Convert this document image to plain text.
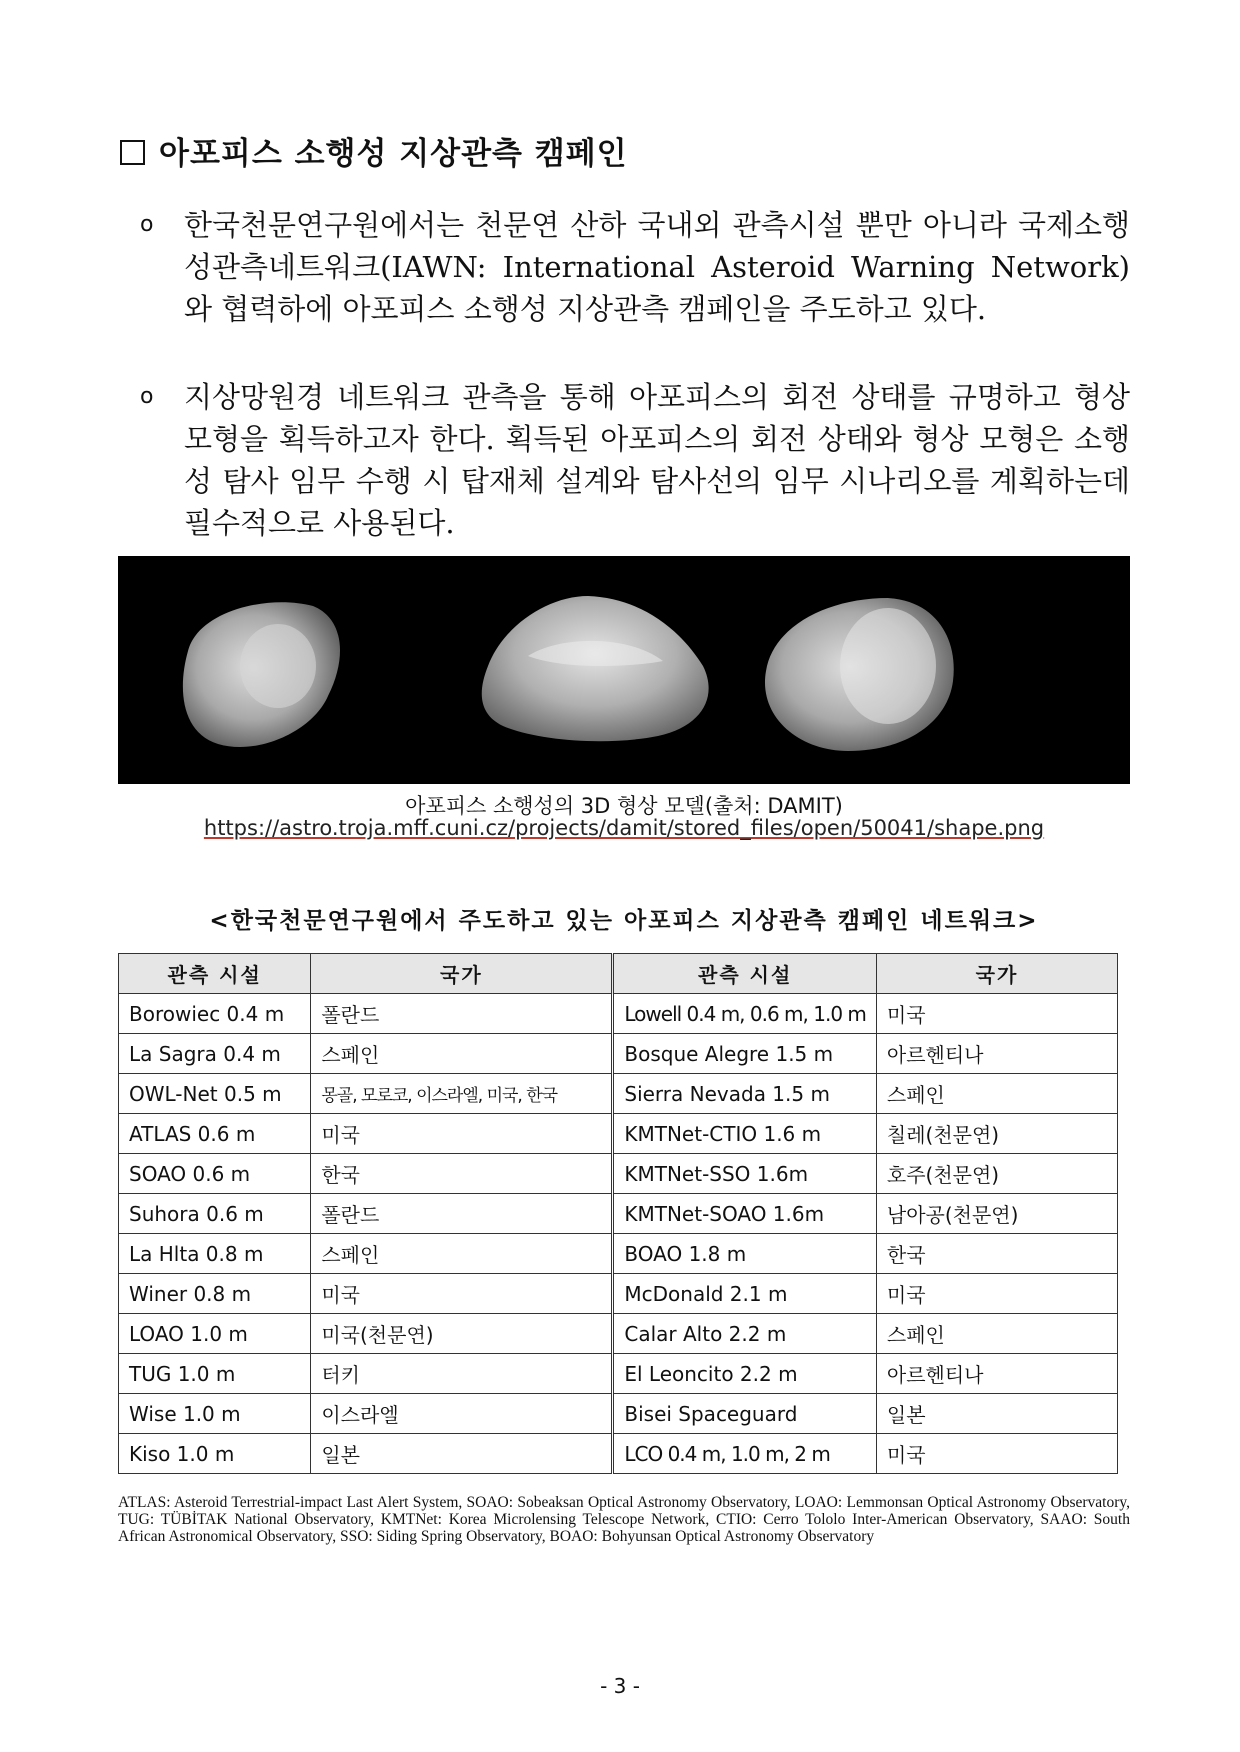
아포피스 소행성 지상관측 캠페인
o 한국천문연구원에서는 천문연 산하 국내외 관측시설 뿐만 아니라 국제소행성관측네트워크(IAWN: International Asteroid Warning Network)와 협력하에 아포피스 소행성 지상관측 캠페인을 주도하고 있다.
o 지상망원경 네트워크 관측을 통해 아포피스의 회전 상태를 규명하고 형상 모형을 획득하고자 한다. 획득된 아포피스의 회전 상태와 형상 모형은 소행성 탐사 임무 수행 시 탑재체 설계와 탐사선의 임무 시나리오를 계획하는데 필수적으로 사용된다.
아포피스 소행성의 3D 형상 모델(출처: DAMIT)
https://astro.troja.mff.cuni.cz/projects/damit/stored_files/open/50041/shape.png
<한국천문연구원에서 주도하고 있는 아포피스 지상관측 캠페인 네트워크>
관측 시설	국가	관측 시설	국가
Borowiec 0.4 m	폴란드	Lowell 0.4 m, 0.6 m, 1.0 m	미국
La Sagra 0.4 m	스페인	Bosque Alegre 1.5 m	아르헨티나
OWL-Net 0.5 m	몽골, 모로코, 이스라엘, 미국, 한국	Sierra Nevada 1.5 m	스페인
ATLAS 0.6 m	미국	KMTNet-CTIO 1.6 m	칠레(천문연)
SOAO 0.6 m	한국	KMTNet-SSO 1.6m	호주(천문연)
Suhora 0.6 m	폴란드	KMTNet-SOAO 1.6m	남아공(천문연)
La Hlta 0.8 m	스페인	BOAO 1.8 m	한국
Winer 0.8 m	미국	McDonald 2.1 m	미국
LOAO 1.0 m	미국(천문연)	Calar Alto 2.2 m	스페인
TUG 1.0 m	터키	El Leoncito 2.2 m	아르헨티나
Wise 1.0 m	이스라엘	Bisei Spaceguard	일본
Kiso 1.0 m	일본	LCO 0.4 m, 1.0 m, 2 m	미국
ATLAS: Asteroid Terrestrial-impact Last Alert System, SOAO: Sobeaksan Optical Astronomy Observatory, LOAO: Lemmonsan Optical Astronomy Observatory, TUG: TÜBİTAK National Observatory, KMTNet: Korea Microlensing Telescope Network, CTIO: Cerro Tololo Inter-American Observatory, SAAO: South African Astronomical Observatory, SSO: Siding Spring Observatory, BOAO: Bohyunsan Optical Astronomy Observatory
- 3 -
